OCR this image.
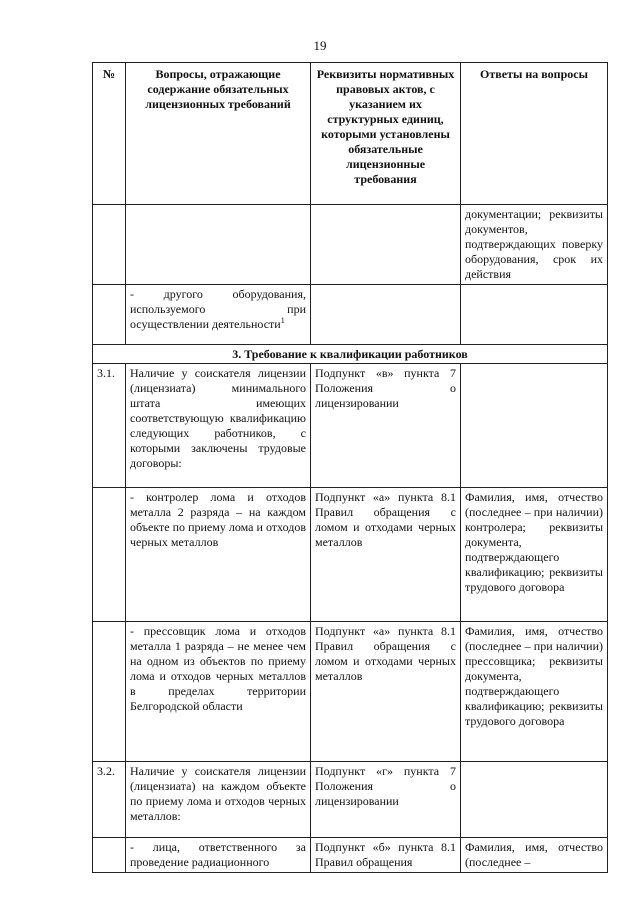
19
№	Вопросы, отражающие содержание обязательных лицензионных требований	Реквизиты нормативных правовых актов, с указанием их структурных единиц, которыми установлены обязательные лицензионные требования	Ответы на вопросы
			документации; реквизиты документов, подтверждающих поверку оборудования, срок их действия
	- другого оборудования, используемого при осуществлении деятельности$^1$		
3. Требование к квалификации работников			
3.1.	Наличие у соискателя лицензии (лицензиата) минимального штата имеющих соответствующую квалификацию следующих работников, с которыми заключены трудовые договоры:	Подпункт «в» пункта 7 Положения о лицензировании	
	- контролер лома и отходов металла 2 разряда – на каждом объекте по приему лома и отходов черных металлов	Подпункт «а» пункта 8.1 Правил обращения с ломом и отходами черных металлов	Фамилия, имя, отчество (последнее – при наличии) контролера; реквизиты документа, подтверждающего квалификацию; реквизиты трудового договора
	- прессовщик лома и отходов металла 1 разряда – не менее чем на одном из объектов по приему лома и отходов черных металлов в пределах территории Белгородской области	Подпункт «а» пункта 8.1 Правил обращения с ломом и отходами черных металлов	Фамилия, имя, отчество (последнее – при наличии) прессовщика; реквизиты документа, подтверждающего квалификацию; реквизиты трудового договора
3.2.	Наличие у соискателя лицензии (лицензиата) на каждом объекте по приему лома и отходов черных металлов:	Подпункт «г» пункта 7 Положения о лицензировании	
	- лица, ответственного за проведение радиационного	Подпункт «б» пункта 8.1 Правил обращения	Фамилия, имя, отчество (последнее –
